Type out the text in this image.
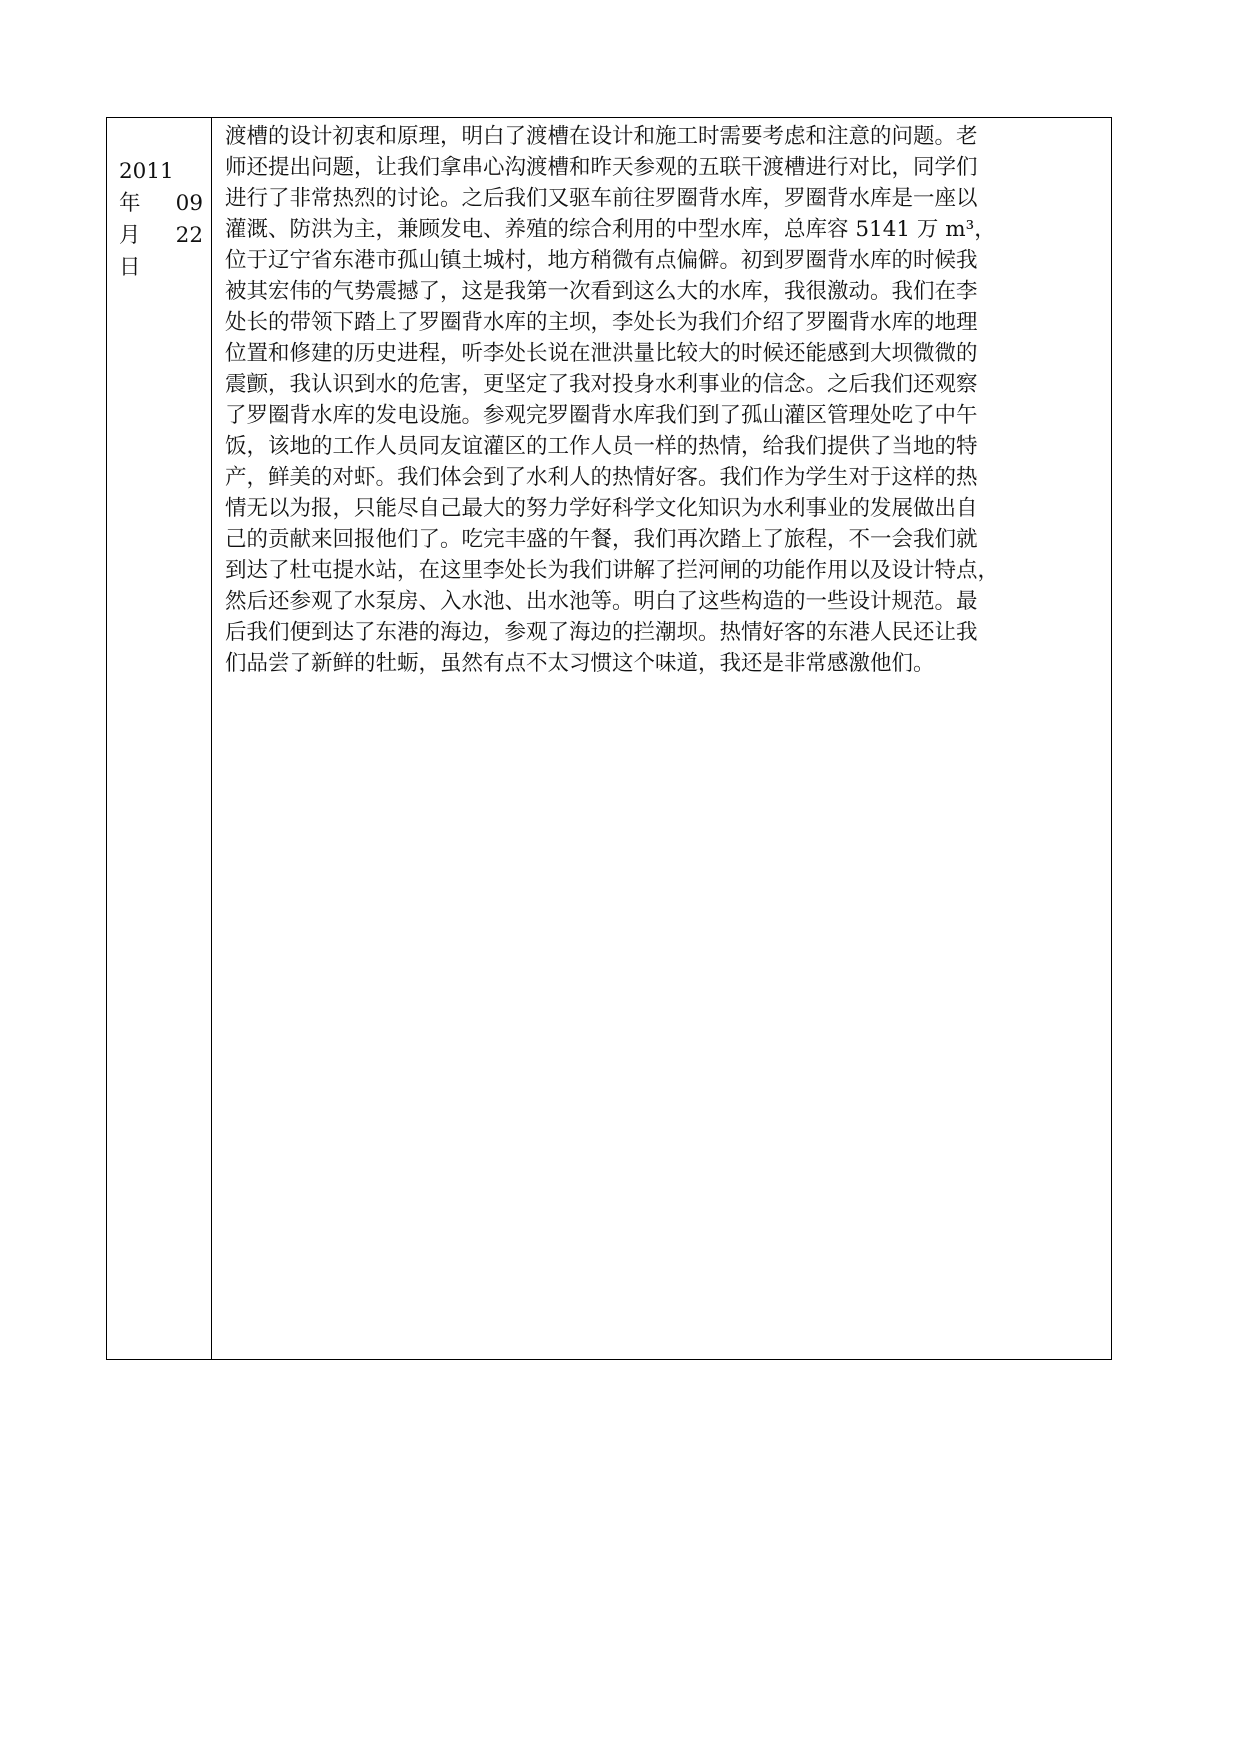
2011
年 09
月 22
日
渡槽的设计初衷和原理，明白了渡槽在设计和施工时需要考虑和注意的问题。老
师还提出问题，让我们拿串心沟渡槽和昨天参观的五联干渡槽进行对比，同学们
进行了非常热烈的讨论。之后我们又驱车前往罗圈背水库，罗圈背水库是一座以
灌溉、防洪为主，兼顾发电、养殖的综合利用的中型水库，总库容 5141 万 m³，
位于辽宁省东港市孤山镇土城村，地方稍微有点偏僻。初到罗圈背水库的时候我
被其宏伟的气势震撼了，这是我第一次看到这么大的水库，我很激动。我们在李
处长的带领下踏上了罗圈背水库的主坝，李处长为我们介绍了罗圈背水库的地理
位置和修建的历史进程，听李处长说在泄洪量比较大的时候还能感到大坝微微的
震颤，我认识到水的危害，更坚定了我对投身水利事业的信念。之后我们还观察
了罗圈背水库的发电设施。参观完罗圈背水库我们到了孤山灌区管理处吃了中午
饭，该地的工作人员同友谊灌区的工作人员一样的热情，给我们提供了当地的特
产，鲜美的对虾。我们体会到了水利人的热情好客。我们作为学生对于这样的热
情无以为报，只能尽自己最大的努力学好科学文化知识为水利事业的发展做出自
己的贡献来回报他们了。吃完丰盛的午餐，我们再次踏上了旅程，不一会我们就
到达了杜屯提水站，在这里李处长为我们讲解了拦河闸的功能作用以及设计特点，
然后还参观了水泵房、入水池、出水池等。明白了这些构造的一些设计规范。最
后我们便到达了东港的海边，参观了海边的拦潮坝。热情好客的东港人民还让我
们品尝了新鲜的牡蛎，虽然有点不太习惯这个味道，我还是非常感激他们。
